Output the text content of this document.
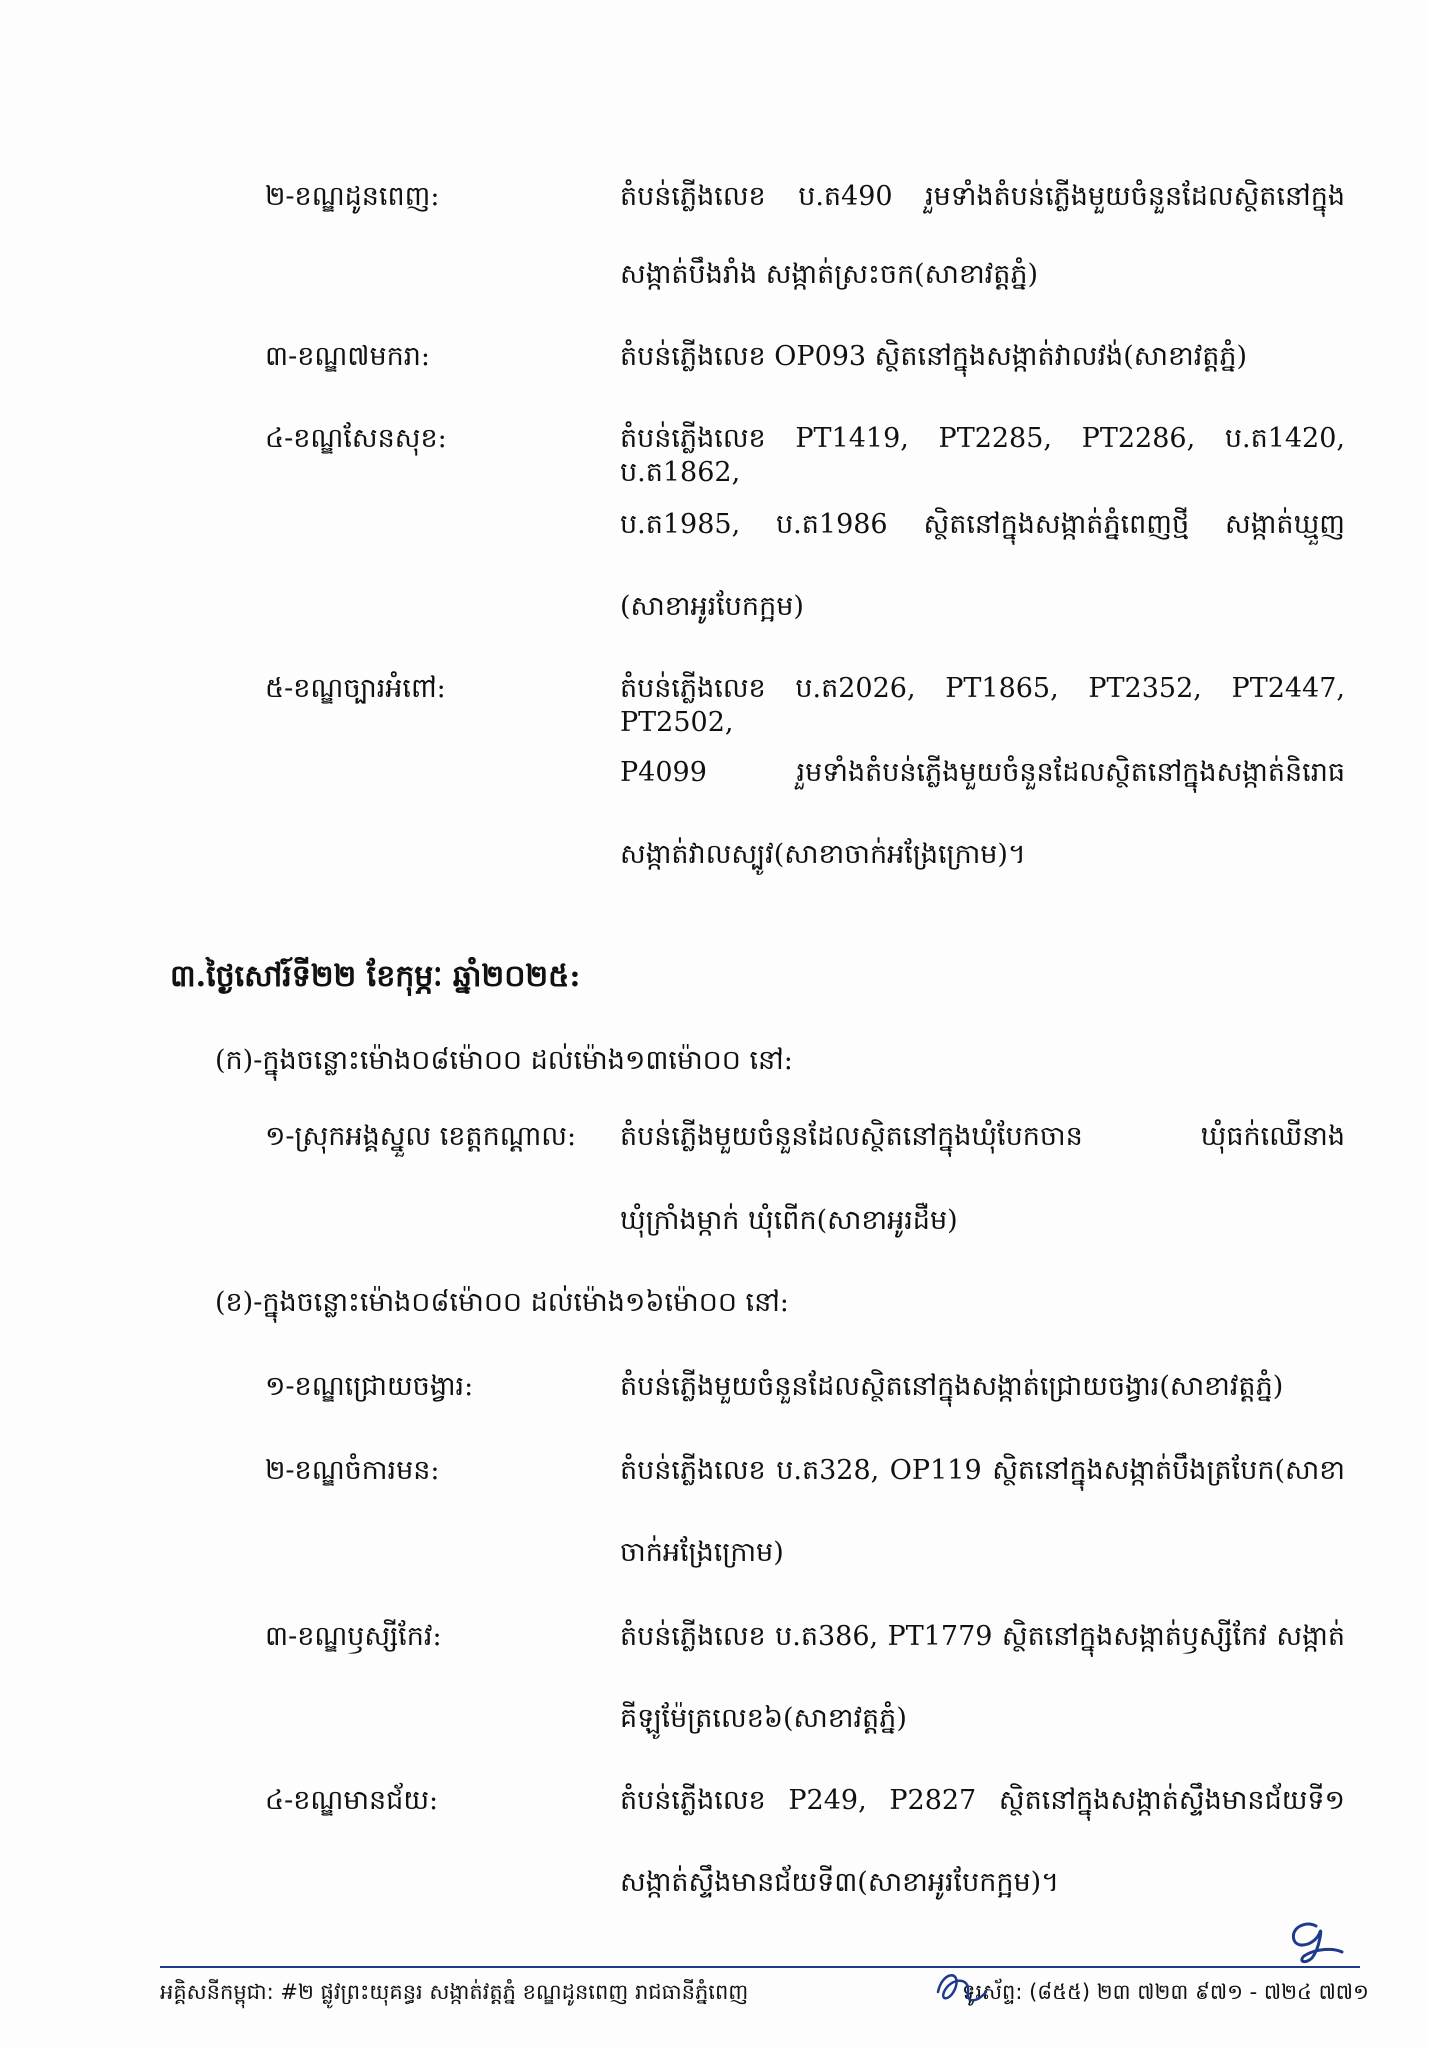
២-ខណ្ឌដូនពេញ:	តំបន់ភ្លើងលេខ ប.ត490 រួមទាំងតំបន់ភ្លើងមួយចំនួនដែលស្ថិតនៅក្នុង
សង្កាត់បឹងរាំង សង្កាត់ស្រះចក(សាខាវត្តភ្នំ)
៣-ខណ្ឌ៧មករា:	តំបន់ភ្លើងលេខ OP093 ស្ថិតនៅក្នុងសង្កាត់វាលវង់(សាខាវត្តភ្នំ)
៤-ខណ្ឌសែនសុខ:	តំបន់ភ្លើងលេខ PT1419, PT2285, PT2286, ប.ត1420, ប.ត1862,
ប.ត1985, ប.ត1986 ស្ថិតនៅក្នុងសង្កាត់ភ្នំពេញថ្មី សង្កាត់ឃ្មួញ
(សាខាអូរបែកក្អម)
៥-ខណ្ឌច្បារអំពៅ:	តំបន់ភ្លើងលេខ ប.ត2026, PT1865, PT2352, PT2447, PT2502,
P4099 រួមទាំងតំបន់ភ្លើងមួយចំនួនដែលស្ថិតនៅក្នុងសង្កាត់និរោធ
សង្កាត់វាលស្បូវ(សាខាចាក់អង្រែក្រោម)។
៣.ថ្ងៃសៅរ៍ទី២២ ខែកុម្ភៈ ឆ្នាំ២០២៥:
(ក)-ក្នុងចន្លោះម៉ោង០៨ម៉ោ០០ ដល់ម៉ោង១៣ម៉ោ០០ នៅ:
១-ស្រុកអង្គស្នួល ខេត្តកណ្ដាល: តំបន់ភ្លើងមួយចំនួនដែលស្ថិតនៅក្នុងឃុំបែកចាន ឃុំធក់ឈើនាង
ឃុំក្រាំងម្កាក់ ឃុំពើក(សាខាអូរដឺម)
(ខ)-ក្នុងចន្លោះម៉ោង០៨ម៉ោ០០ ដល់ម៉ោង១៦ម៉ោ០០ នៅ:
១-ខណ្ឌជ្រោយចង្វារ:	តំបន់ភ្លើងមួយចំនួនដែលស្ថិតនៅក្នុងសង្កាត់ជ្រោយចង្វារ(សាខាវត្តភ្នំ)
២-ខណ្ឌចំការមន:	តំបន់ភ្លើងលេខ ប.ត328, OP119 ស្ថិតនៅក្នុងសង្កាត់បឹងត្របែក(សាខា
ចាក់អង្រែក្រោម)
៣-ខណ្ឌឫស្សីកែវ:	តំបន់ភ្លើងលេខ ប.ត386, PT1779 ស្ថិតនៅក្នុងសង្កាត់ឫស្សីកែវ សង្កាត់
គីឡូម៉ែត្រលេខ៦(សាខាវត្តភ្នំ)
៤-ខណ្ឌមានជ័យ:	តំបន់ភ្លើងលេខ P249, P2827 ស្ថិតនៅក្នុងសង្កាត់ស្ទឹងមានជ័យទី១
សង្កាត់ស្ទឹងមានជ័យទី៣(សាខាអូរបែកក្អម)។
អគ្គិសនីកម្ពុជា: #២ ផ្លូវព្រះយុគន្ធរ សង្កាត់វត្តភ្នំ ខណ្ឌដូនពេញ រាជធានីភ្នំពេញ	ទូរស័ព្ទ: (៨៥៥) ២៣ ៧២៣ ៩៧១ - ៧២៤ ៧៧១
